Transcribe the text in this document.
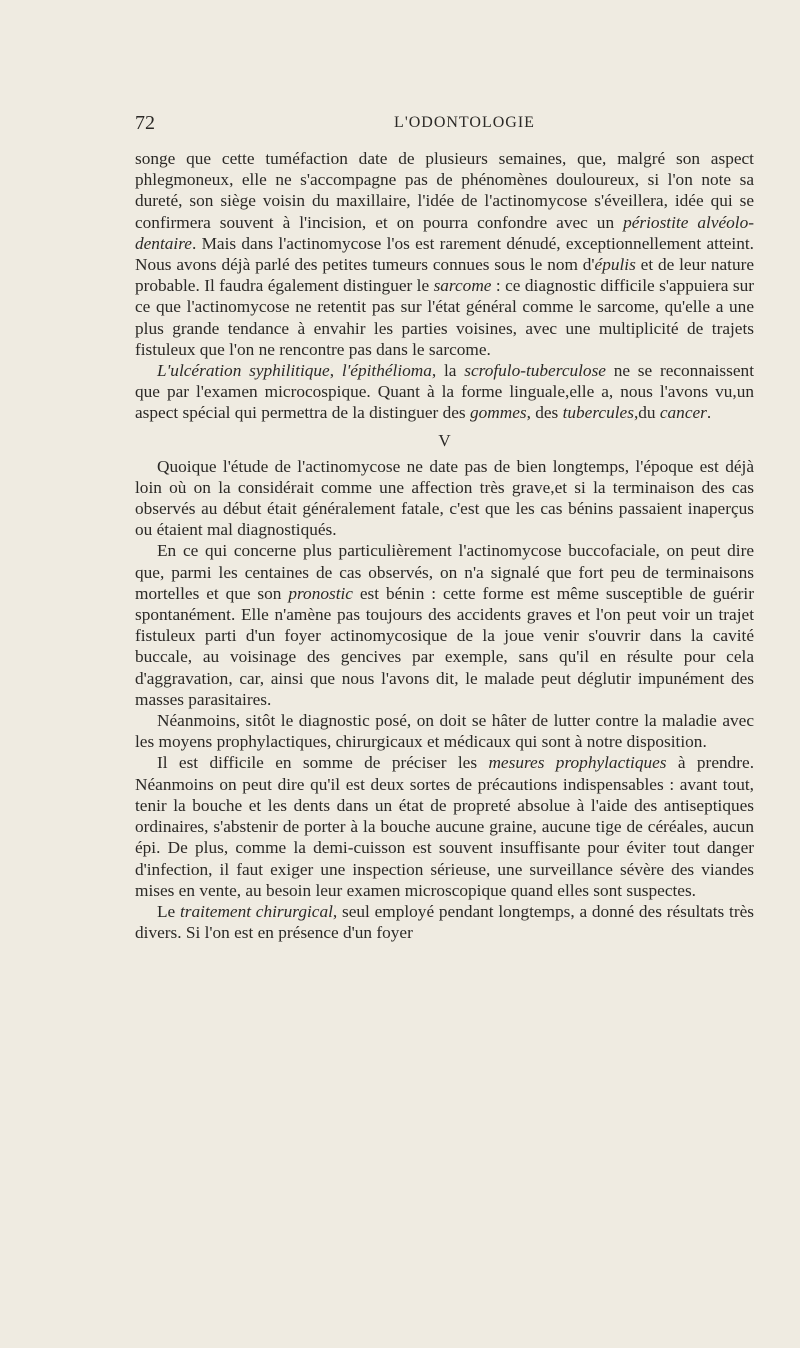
72	L'ODONTOLOGIE

songe que cette tuméfaction date de plusieurs semaines, que, malgré son aspect phlegmoneux, elle ne s'accompagne pas de phénomènes douloureux, si l'on note sa dureté, son siège voisin du maxillaire, l'idée de l'actinomycose s'éveillera, idée qui se confirmera souvent à l'incision, et on pourra confondre avec un périostite alvéolo-dentaire. Mais dans l'actinomycose l'os est rarement dénudé, exceptionnellement atteint. Nous avons déjà parlé des petites tumeurs connues sous le nom d'épulis et de leur nature probable. Il faudra également distinguer le sarcome : ce diagnostic difficile s'appuiera sur ce que l'actinomycose ne retentit pas sur l'état général comme le sarcome, qu'elle a une plus grande tendance à envahir les parties voisines, avec une multiplicité de trajets fistuleux que l'on ne rencontre pas dans le sarcome.

L'ulcération syphilitique, l'épithélioma, la scrofulo-tuberculose ne se reconnaissent que par l'examen microcospique. Quant à la forme linguale,elle a, nous l'avons vu,un aspect spécial qui permettra de la distinguer des gommes, des tubercules,du cancer.

V

Quoique l'étude de l'actinomycose ne date pas de bien longtemps, l'époque est déjà loin où on la considérait comme une affection très grave,et si la terminaison des cas observés au début était généralement fatale, c'est que les cas bénins passaient inaperçus ou étaient mal diagnostiqués.

En ce qui concerne plus particulièrement l'actinomycose buccofaciale, on peut dire que, parmi les centaines de cas observés, on n'a signalé que fort peu de terminaisons mortelles et que son pronostic est bénin : cette forme est même susceptible de guérir spontanément. Elle n'amène pas toujours des accidents graves et l'on peut voir un trajet fistuleux parti d'un foyer actinomycosique de la joue venir s'ouvrir dans la cavité buccale, au voisinage des gencives par exemple, sans qu'il en résulte pour cela d'aggravation, car, ainsi que nous l'avons dit, le malade peut déglutir impunément des masses parasitaires.

Néanmoins, sitôt le diagnostic posé, on doit se hâter de lutter contre la maladie avec les moyens prophylactiques, chirurgicaux et médicaux qui sont à notre disposition.

Il est difficile en somme de préciser les mesures prophylactiques à prendre. Néanmoins on peut dire qu'il est deux sortes de précautions indispensables : avant tout, tenir la bouche et les dents dans un état de propreté absolue à l'aide des antiseptiques ordinaires, s'abstenir de porter à la bouche aucune graine, aucune tige de céréales, aucun épi. De plus, comme la demi-cuisson est souvent insuffisante pour éviter tout danger d'infection, il faut exiger une inspection sérieuse, une surveillance sévère des viandes mises en vente, au besoin leur examen microscopique quand elles sont suspectes.

Le traitement chirurgical, seul employé pendant longtemps, a donné des résultats très divers. Si l'on est en présence d'un foyer
